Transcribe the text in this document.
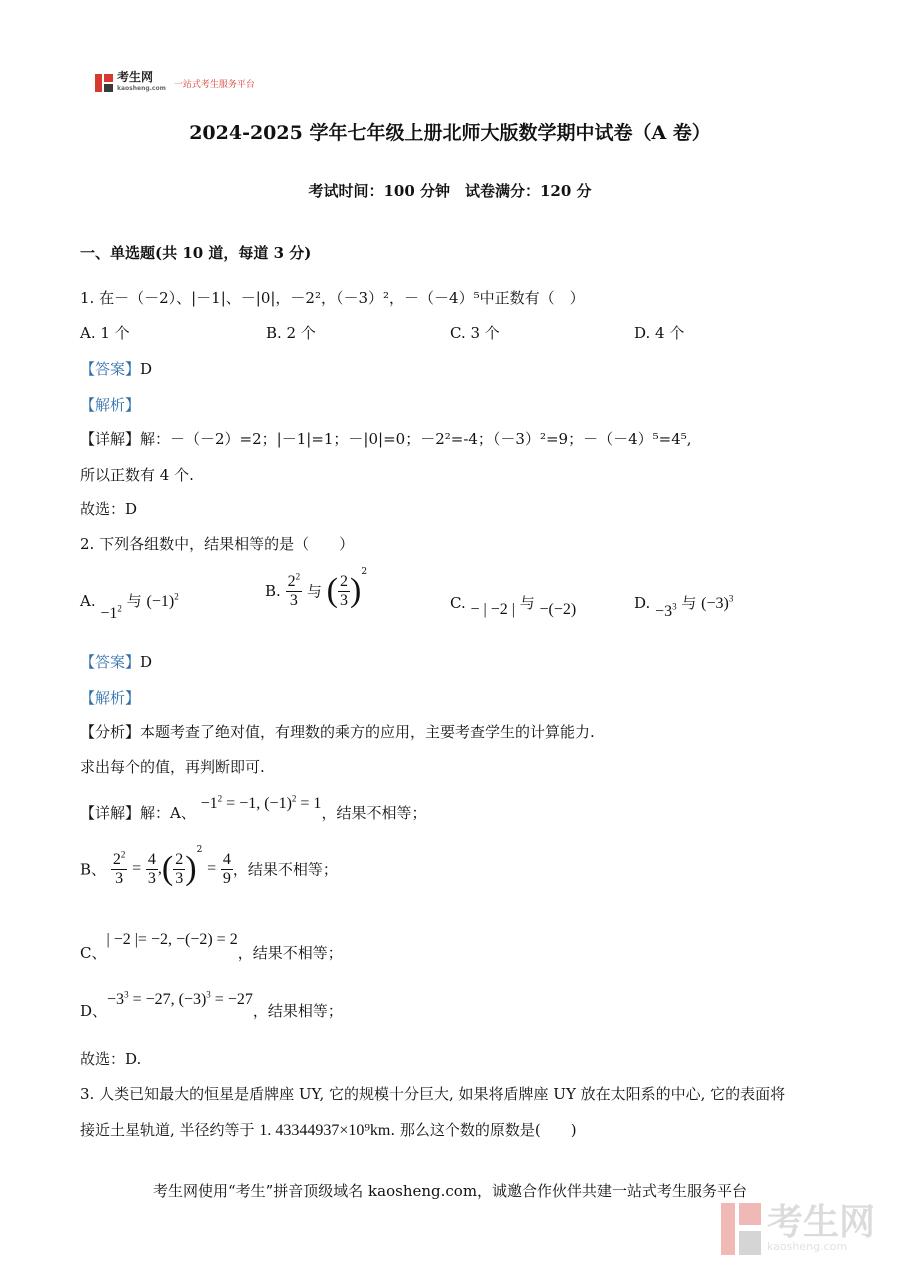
考生网
kaosheng.com 一站式考生服务平台
2024-2025 学年七年级上册北师大版数学期中试卷（A 卷）
考试时间：100 分钟　试卷满分：120 分
一、单选题(共 10 道，每道 3 分)
1. 在－（－2）、|－1|、－|0|，－2²，（－3）²，－（－4）⁵中正数有（　）
A. 1 个	B. 2 个	C. 3 个	D. 4 个
【答案】D
【解析】
【详解】解：－（－2）=2；|－1|=1；－|0|=0；－2²=-4；（－3）²=9；－（－4）⁵=4⁵,
所以正数有 4 个.
故选：D
2. 下列各组数中，结果相等的是（　　）
A. $-1^2$ 与 $(-1)^2$	B. $\frac{2^2}{3}$ 与 ( $\frac{2}{3} )^2$
C. − | −2 | 与 −(−2)	D. $-3^3$ 与 $(-3)^3$
【答案】D
【解析】
【分析】本题考查了绝对值，有理数的乘方的应用，主要考查学生的计算能力.
求出每个的值，再判断即可.
【详解】解：A、 $-1^2 = -1$, $(-1)^2 = 1$，结果不相等；
B、 $\frac{2^2}{3} = \frac{4}{3}$ ,( $\frac{2}{3} )^2 = \frac{4}{9}$ ，结果不相等；
C、| −2 |= −2, −(−2) = 2，结果不相等；
D、$-3^3 = -27$, $(-3)^3 = -27$，结果相等；
故选：D.
3. 人类已知最大的恒星是盾牌座 UY, 它的规模十分巨大, 如果将盾牌座 UY 放在太阳系的中心, 它的表面将
接近土星轨道, 半径约等于 1. 43344937×10⁹km. 那么这个数的原数是(　　)
考生网使用“考生”拼音顶级域名 kaosheng.com，诚邀合作伙伴共建一站式考生服务平台
考生网
kaosheng.com
